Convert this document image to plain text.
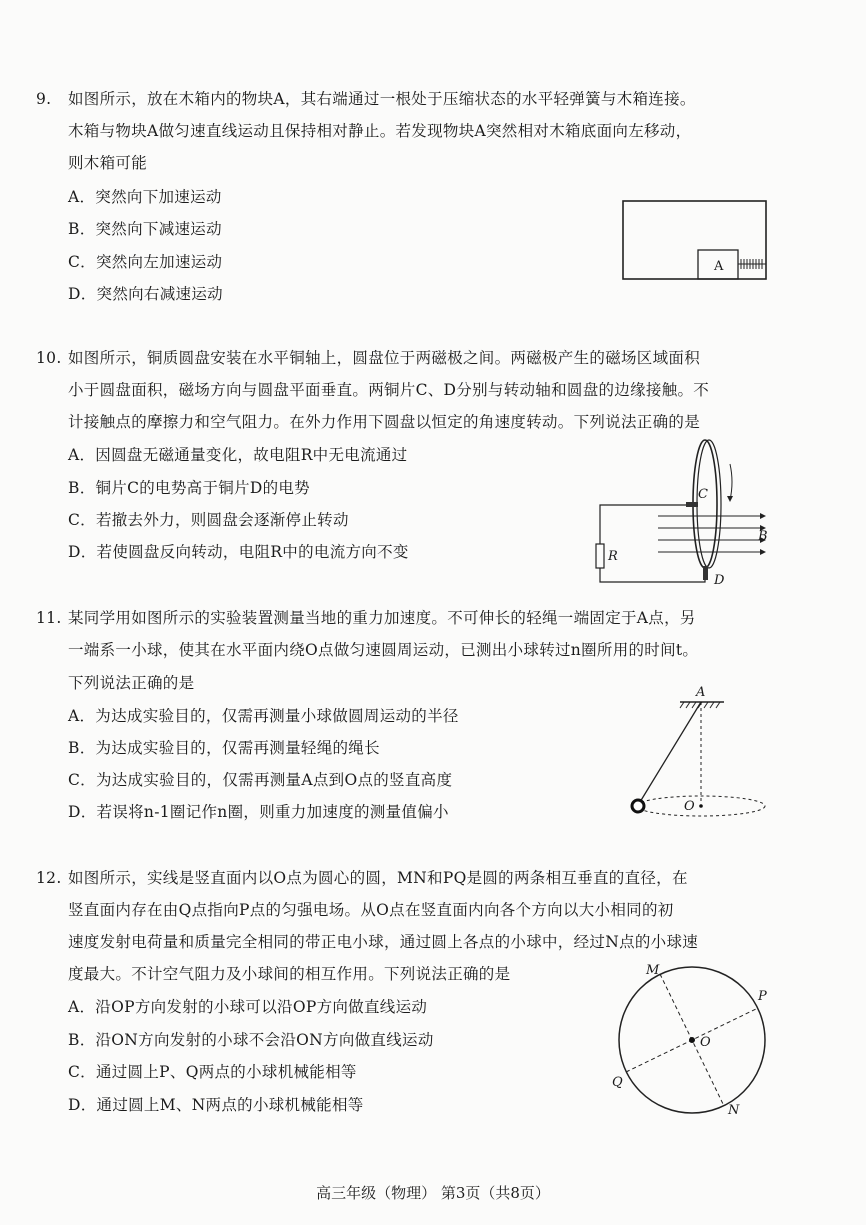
9. 如图所示，放在木箱内的物块A，其右端通过一根处于压缩状态的水平轻弹簧与木箱连接。
木箱与物块A做匀速直线运动且保持相对静止。若发现物块A突然相对木箱底面向左移动，
则木箱可能
A．突然向下加速运动
B．突然向下减速运动
C．突然向左加速运动
D．突然向右减速运动
A
10. 如图所示，铜质圆盘安装在水平铜轴上，圆盘位于两磁极之间。两磁极产生的磁场区域面积
小于圆盘面积，磁场方向与圆盘平面垂直。两铜片C、D分别与转动轴和圆盘的边缘接触。不
计接触点的摩擦力和空气阻力。在外力作用下圆盘以恒定的角速度转动。下列说法正确的是
A．因圆盘无磁通量变化，故电阻R中无电流通过
B．铜片C的电势高于铜片D的电势
C．若撤去外力，则圆盘会逐渐停止转动
D．若使圆盘反向转动，电阻R中的电流方向不变
C
D
B
R
11. 某同学用如图所示的实验装置测量当地的重力加速度。不可伸长的轻绳一端固定于A点，另
一端系一小球，使其在水平面内绕O点做匀速圆周运动，已测出小球转过n圈所用的时间t。
下列说法正确的是
A．为达成实验目的，仅需再测量小球做圆周运动的半径
B．为达成实验目的，仅需再测量轻绳的绳长
C．为达成实验目的，仅需再测量A点到O点的竖直高度
D．若误将n-1圈记作n圈，则重力加速度的测量值偏小
A
O
12. 如图所示，实线是竖直面内以O点为圆心的圆，MN和PQ是圆的两条相互垂直的直径，在
竖直面内存在由Q点指向P点的匀强电场。从O点在竖直面内向各个方向以大小相同的初
速度发射电荷量和质量完全相同的带正电小球，通过圆上各点的小球中，经过N点的小球速
度最大。不计空气阻力及小球间的相互作用。下列说法正确的是
A．沿OP方向发射的小球可以沿OP方向做直线运动
B．沿ON方向发射的小球不会沿ON方向做直线运动
C．通过圆上P、Q两点的小球机械能相等
D．通过圆上M、N两点的小球机械能相等
M
P
O
Q
N
高三年级（物理） 第3页（共8页）
